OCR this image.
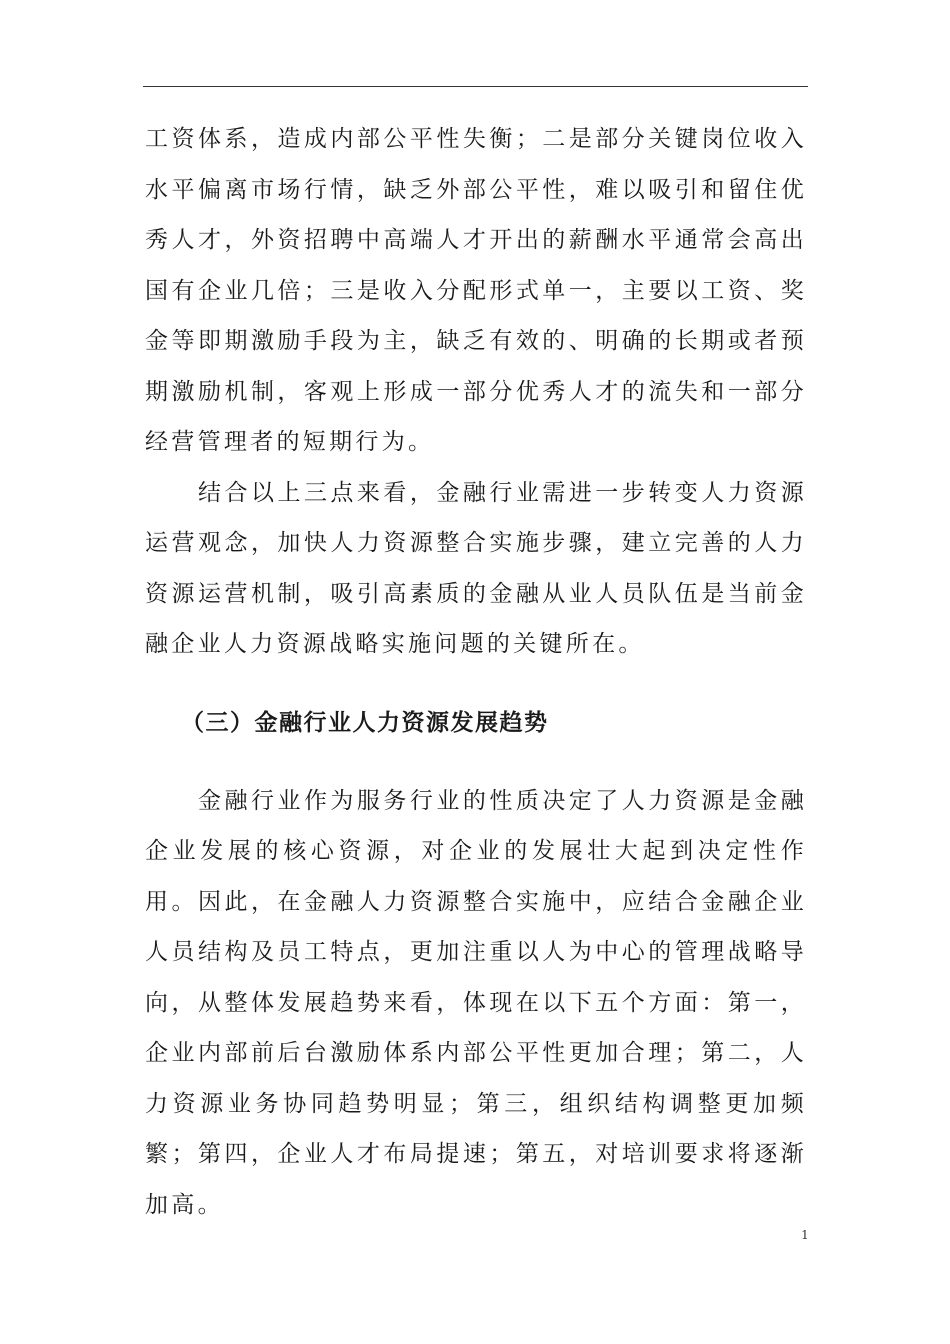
工资体系，造成内部公平性失衡；二是部分关键岗位收入水平偏离市场行情，缺乏外部公平性，难以吸引和留住优秀人才，外资招聘中高端人才开出的薪酬水平通常会高出国有企业几倍；三是收入分配形式单一，主要以工资、奖金等即期激励手段为主，缺乏有效的、明确的长期或者预期激励机制，客观上形成一部分优秀人才的流失和一部分经营管理者的短期行为。

结合以上三点来看，金融行业需进一步转变人力资源运营观念，加快人力资源整合实施步骤，建立完善的人力资源运营机制，吸引高素质的金融从业人员队伍是当前金融企业人力资源战略实施问题的关键所在。

（三）金融行业人力资源发展趋势

金融行业作为服务行业的性质决定了人力资源是金融企业发展的核心资源，对企业的发展壮大起到决定性作用。因此，在金融人力资源整合实施中，应结合金融企业人员结构及员工特点，更加注重以人为中心的管理战略导向，从整体发展趋势来看，体现在以下五个方面：第一，企业内部前后台激励体系内部公平性更加合理；第二，人力资源业务协同趋势明显；第三，组织结构调整更加频繁；第四，企业人才布局提速；第五，对培训要求将逐渐加高。

1
